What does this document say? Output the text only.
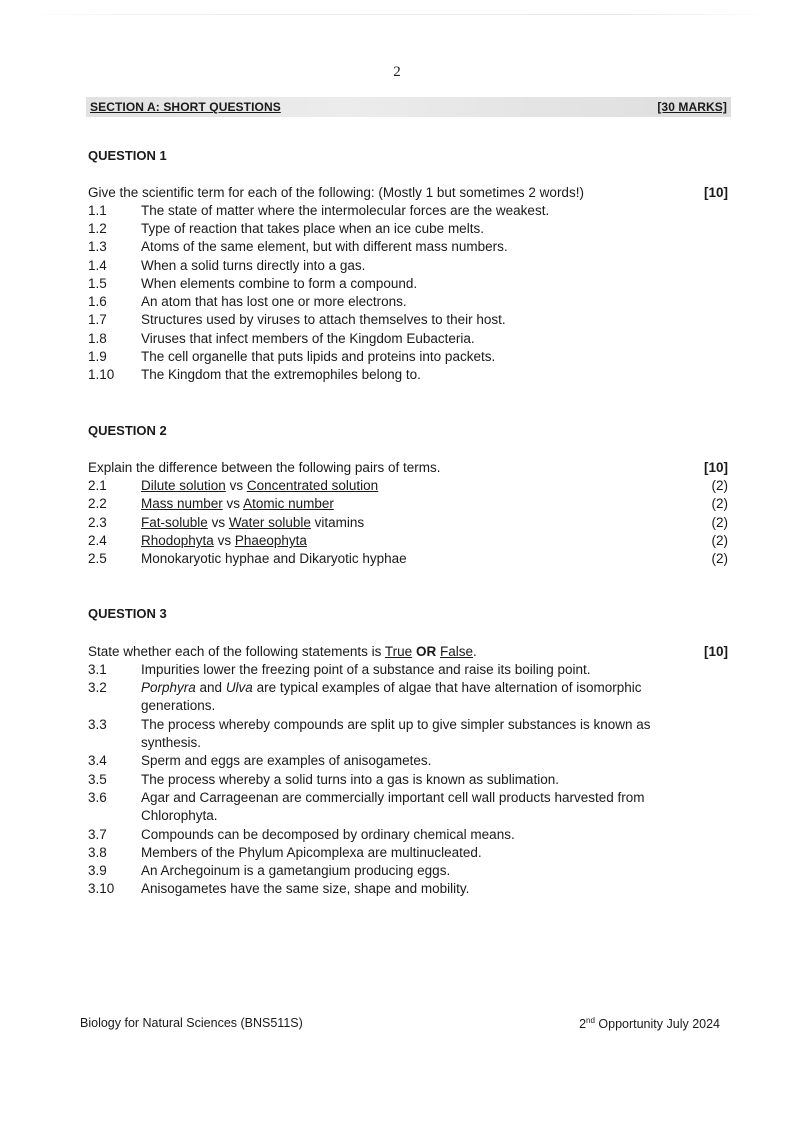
2
SECTION A: SHORT QUESTIONS	[30 MARKS]
QUESTION 1
Give the scientific term for each of the following: (Mostly 1 but sometimes 2 words!)	[10]
1.1	The state of matter where the intermolecular forces are the weakest.
1.2	Type of reaction that takes place when an ice cube melts.
1.3	Atoms of the same element, but with different mass numbers.
1.4	When a solid turns directly into a gas.
1.5	When elements combine to form a compound.
1.6	An atom that has lost one or more electrons.
1.7	Structures used by viruses to attach themselves to their host.
1.8	Viruses that infect members of the Kingdom Eubacteria.
1.9	The cell organelle that puts lipids and proteins into packets.
1.10	The Kingdom that the extremophiles belong to.
QUESTION 2
Explain the difference between the following pairs of terms.	[10]
2.1	Dilute solution vs Concentrated solution	(2)
2.2	Mass number vs Atomic number	(2)
2.3	Fat-soluble vs Water soluble vitamins	(2)
2.4	Rhodophyta vs Phaeophyta	(2)
2.5	Monokaryotic hyphae and Dikaryotic hyphae	(2)
QUESTION 3
State whether each of the following statements is True OR False.	[10]
3.1	Impurities lower the freezing point of a substance and raise its boiling point.
3.2	Porphyra and Ulva are typical examples of algae that have alternation of isomorphic generations.
3.3	The process whereby compounds are split up to give simpler substances is known as synthesis.
3.4	Sperm and eggs are examples of anisogametes.
3.5	The process whereby a solid turns into a gas is known as sublimation.
3.6	Agar and Carrageenan are commercially important cell wall products harvested from Chlorophyta.
3.7	Compounds can be decomposed by ordinary chemical means.
3.8	Members of the Phylum Apicomplexa are multinucleated.
3.9	An Archegoinum is a gametangium producing eggs.
3.10	Anisogametes have the same size, shape and mobility.
Biology for Natural Sciences (BNS511S)	2nd Opportunity July 2024
